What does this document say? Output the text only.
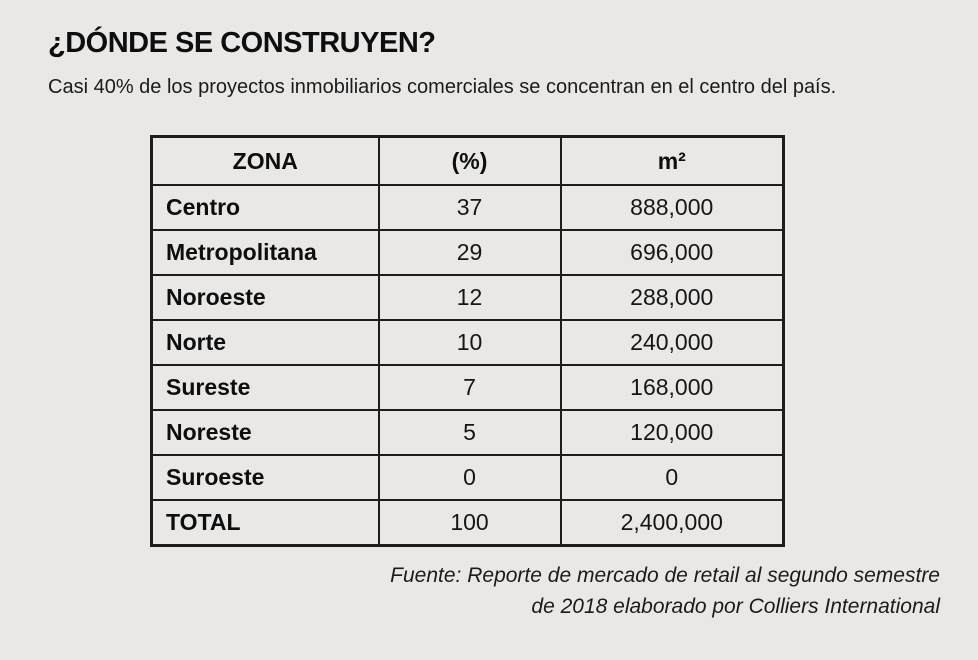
¿DÓNDE SE CONSTRUYEN?
Casi 40% de los proyectos inmobiliarios comerciales se concentran en el centro del país.
ZONA	(%)	m²
Centro	37	888,000
Metropolitana	29	696,000
Noroeste	12	288,000
Norte	10	240,000
Sureste	7	168,000
Noreste	5	120,000
Suroeste	0	0
TOTAL	100	2,400,000
Fuente: Reporte de mercado de retail al segundo semestre
de 2018 elaborado por Colliers International
